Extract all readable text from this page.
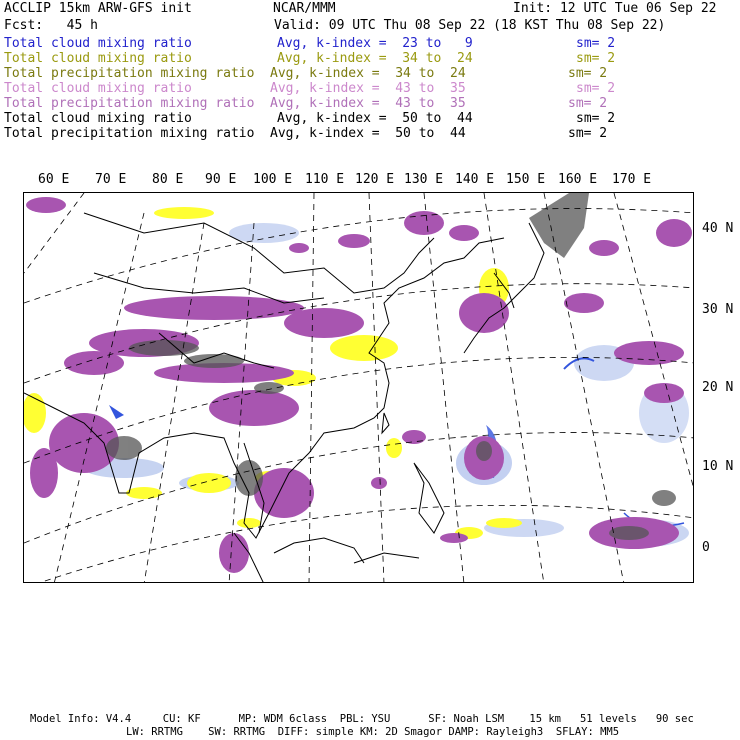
ACCLIP 15km ARW-GFS init	NCAR/MMM	Init: 12 UTC Tue 06 Sep 22
Fcst:   45 h	Valid: 09 UTC Thu 08 Sep 22 (18 KST Thu 08 Sep 22)
Total cloud mixing ratio	Avg, k-index =  23 to   9	sm= 2
Total cloud mixing ratio	Avg, k-index =  34 to  24	sm= 2
Total precipitation mixing ratio Avg, k-index =  34 to  24	sm= 2
Total cloud mixing ratio	Avg, k-index =  43 to  35	sm= 2
Total precipitation mixing ratio Avg, k-index =  43 to  35	sm= 2
Total cloud mixing ratio	Avg, k-index =  50 to  44	sm= 2
Total precipitation mixing ratio Avg, k-index =  50 to  44	sm= 2
60 E 70 E 80 E 90 E 100 E 110 E 120 E 130 E 140 E 150 E 160 E 170 E
40 N
30 N
20 N
10 N
0
Model Info: V4.4     CU: KF      MP: WDM 6class  PBL: YSU      SF: Noah LSM    15 km   51 levels   90 sec
LW: RRTMG    SW: RRTMG  DIFF: simple KM: 2D Smagor DAMP: Rayleigh3  SFLAY: MM5
